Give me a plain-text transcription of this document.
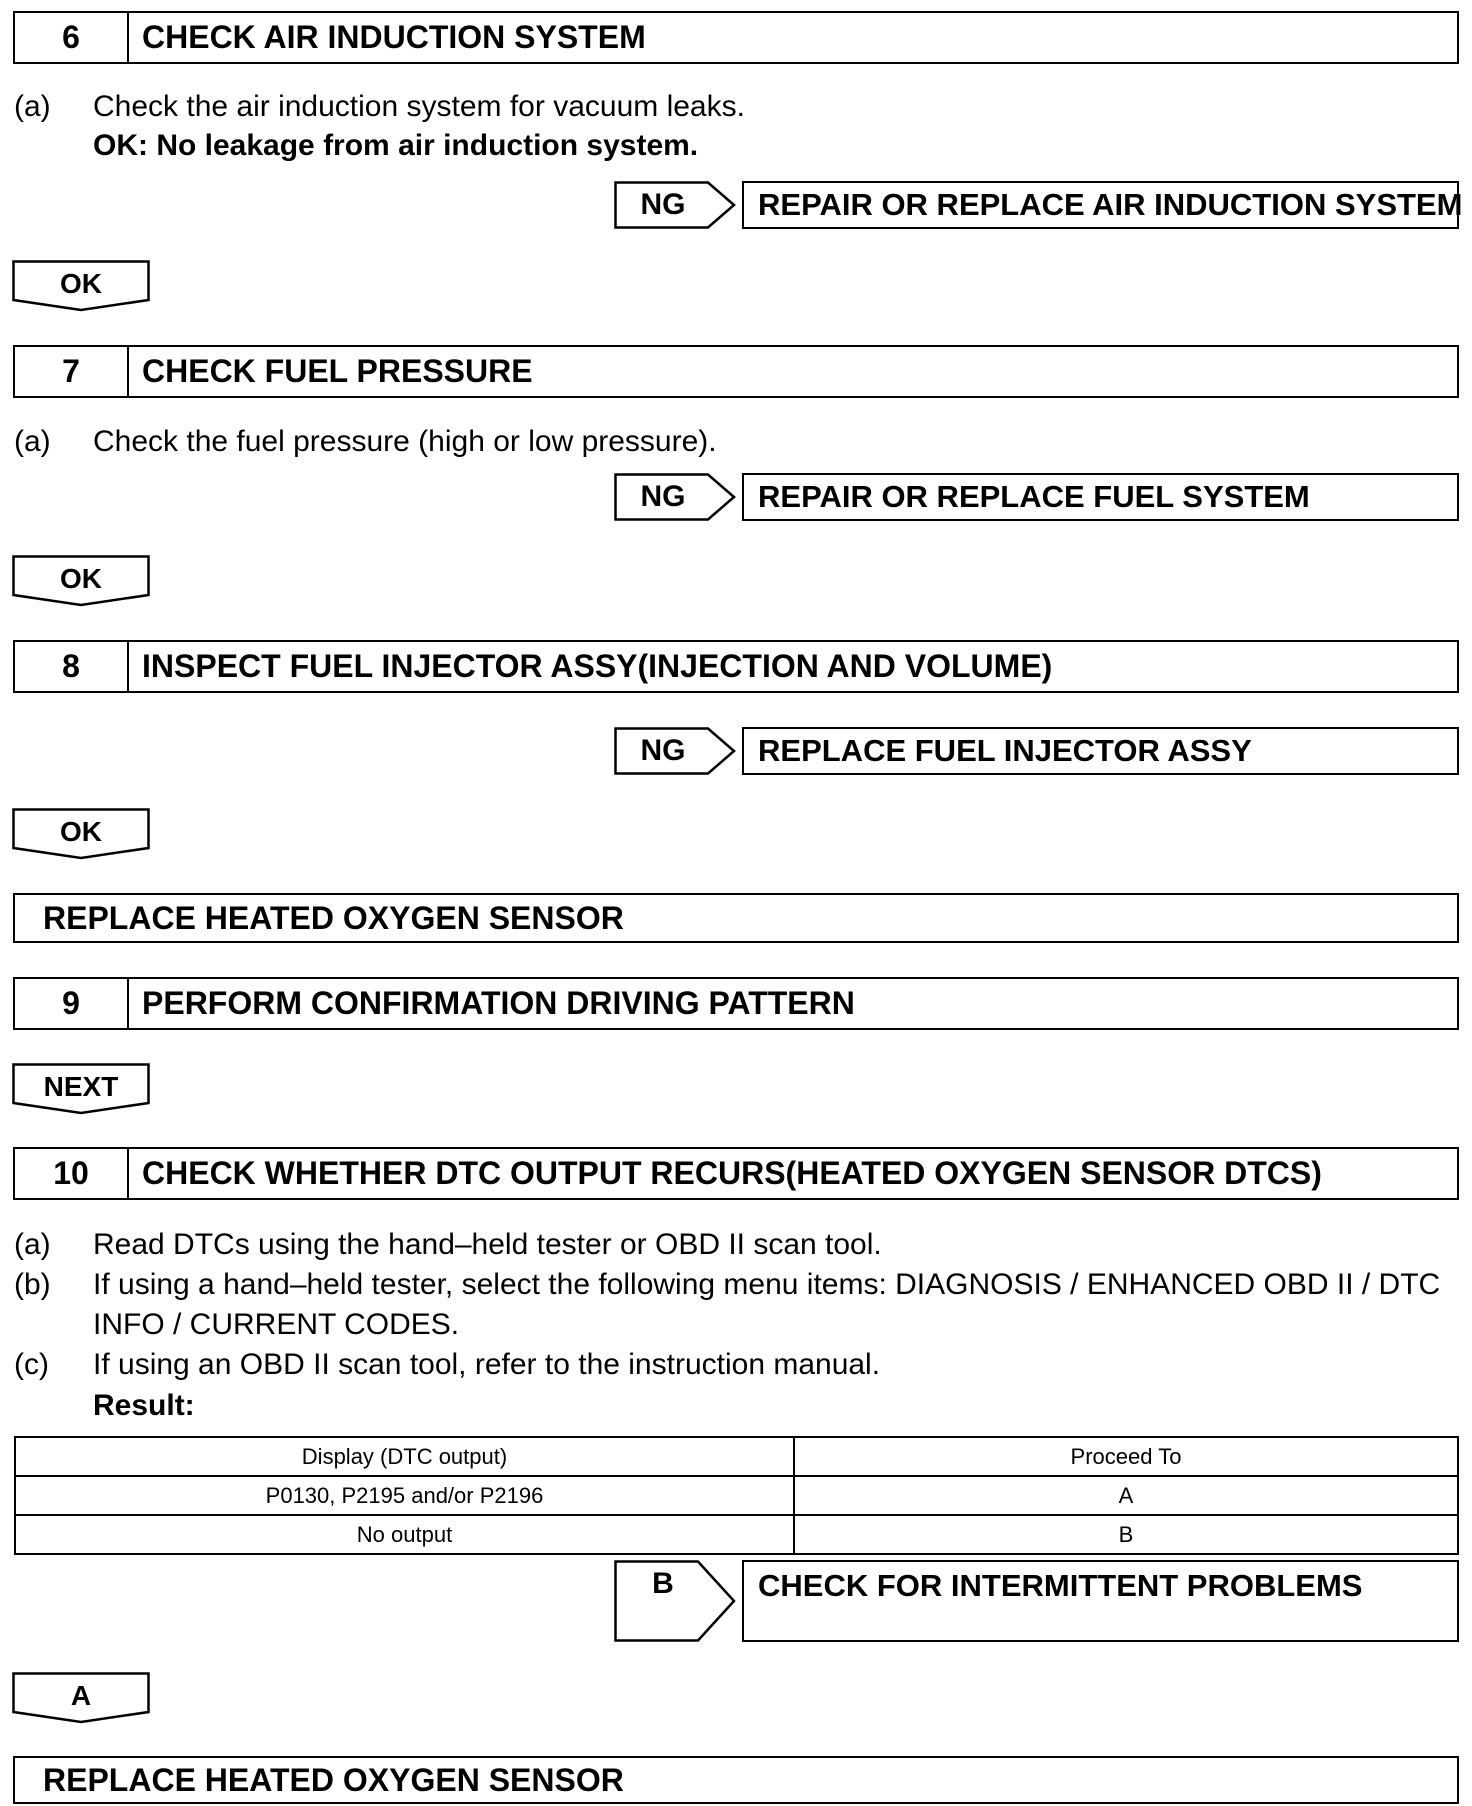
6	CHECK AIR INDUCTION SYSTEM
(a) Check the air induction system for vacuum leaks.
OK: No leakage from air induction system.
NG	REPAIR OR REPLACE AIR INDUCTION SYSTEM
OK
7	CHECK FUEL PRESSURE
(a) Check the fuel pressure (high or low pressure).
NG	REPAIR OR REPLACE FUEL SYSTEM
OK
8	INSPECT FUEL INJECTOR ASSY(INJECTION AND VOLUME)
NG	REPLACE FUEL INJECTOR ASSY
OK
REPLACE HEATED OXYGEN SENSOR
9	PERFORM CONFIRMATION DRIVING PATTERN
NEXT
10	CHECK WHETHER DTC OUTPUT RECURS(HEATED OXYGEN SENSOR DTCS)
(a) Read DTCs using the hand–held tester or OBD II scan tool.
(b) If using a hand–held tester, select the following menu items: DIAGNOSIS / ENHANCED OBD II / DTC
INFO / CURRENT CODES.
(c) If using an OBD II scan tool, refer to the instruction manual.
Result:
Display (DTC output)	Proceed To
P0130, P2195 and/or P2196	A
No output	B
B	CHECK FOR INTERMITTENT PROBLEMS
A
REPLACE HEATED OXYGEN SENSOR
